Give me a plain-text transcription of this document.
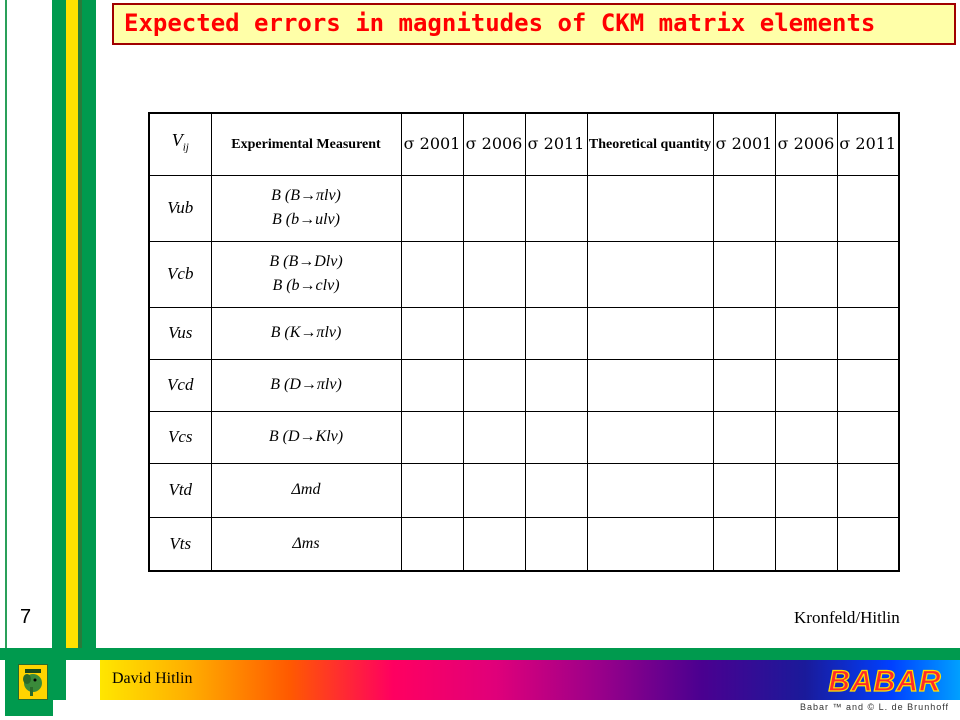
7
Expected errors in magnitudes of CKM matrix elements
$V_{ij}$	Experimental Measurent	σ 2001	σ 2006	σ 2011	Theoretical quantity	σ 2001	σ 2006	σ 2011
Vub	B (B→πlν)
B (b→ulν)							

Vcb	B (B→Dlν)
B (b→clν)							

Vus	B (K→πlν)							
Vcd	B (D→πlν)							
Vcs	B (D→Klν)							
Vtd	Δmd							
Vts	Δms							
Kronfeld/Hitlin
David Hitlin	BABAR
Babar ™ and © L. de Brunhoff
